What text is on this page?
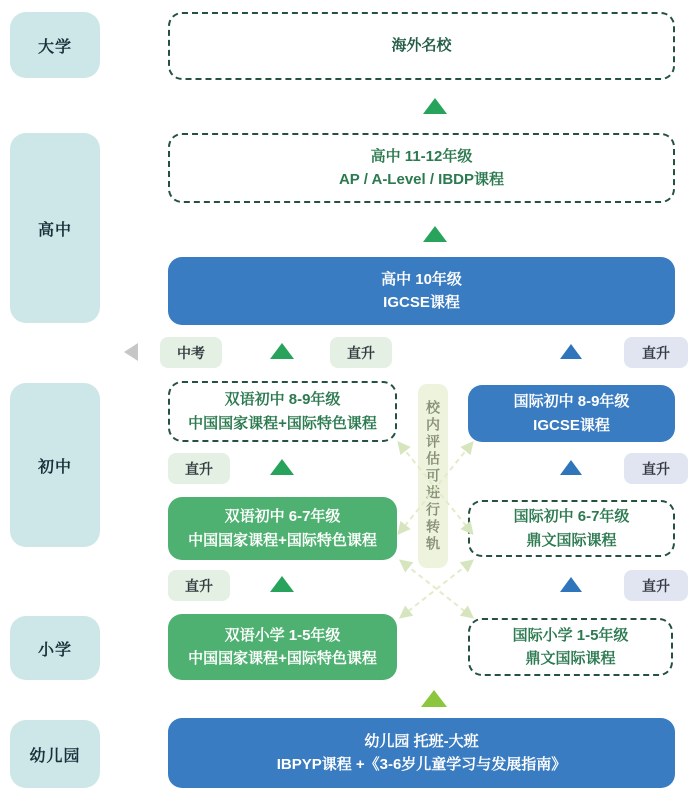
大学
高中
初中
小学
幼儿园
海外名校
高中 11-12年级
AP / A-Level / IBDP课程
高中 10年级
IGCSE课程
中考	直升	直升
双语初中 8-9年级
中国国家课程+国际特色课程
国际初中 8-9年级
IGCSE课程
校内评估可进行转轨
直升	直升
双语初中 6-7年级
中国国家课程+国际特色课程
国际初中 6-7年级
鼎文国际课程
直升	直升
双语小学 1-5年级
中国国家课程+国际特色课程
国际小学 1-5年级
鼎文国际课程
幼儿园 托班-大班
IBPYP课程 +《3-6岁儿童学习与发展指南》
